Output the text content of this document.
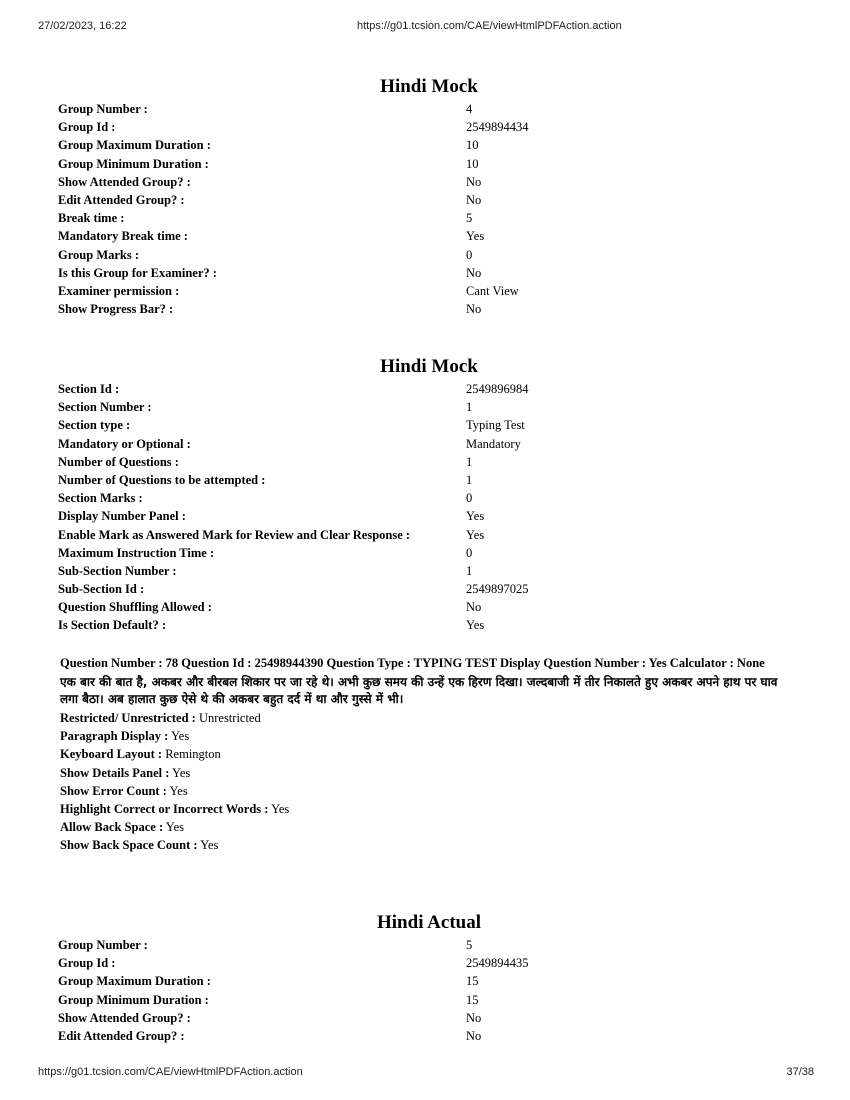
27/02/2023, 16:22	https://g01.tcsion.com/CAE/viewHtmlPDFAction.action
Hindi Mock
Group Number :	4
Group Id :	2549894434
Group Maximum Duration :	10
Group Minimum Duration :	10
Show Attended Group? :	No
Edit Attended Group? :	No
Break time :	5
Mandatory Break time :	Yes
Group Marks :	0
Is this Group for Examiner? :	No
Examiner permission :	Cant View
Show Progress Bar? :	No
Hindi Mock
Section Id :	2549896984
Section Number :	1
Section type :	Typing Test
Mandatory or Optional :	Mandatory
Number of Questions :	1
Number of Questions to be attempted :	1
Section Marks :	0
Display Number Panel :	Yes
Enable Mark as Answered Mark for Review and Clear Response :	Yes
Maximum Instruction Time :	0
Sub-Section Number :	1
Sub-Section Id :	2549897025
Question Shuffling Allowed :	No
Is Section Default? :	Yes
Question Number : 78 Question Id : 25498944390 Question Type : TYPING TEST Display Question Number : Yes Calculator : None
एक बार की बात है, अकबर और बीरबल शिकार पर जा रहे थे। अभी कुछ समय की उन्हें एक हिरण दिखा। जल्दबाजी में तीर निकालते हुए अकबर अपने हाथ पर घाव लगा बैठा। अब हालात कुछ ऐसे थे की अकबर बहुत दर्द में था और गुस्से में भी।
Restricted/ Unrestricted : Unrestricted
Paragraph Display : Yes
Keyboard Layout : Remington
Show Details Panel : Yes
Show Error Count : Yes
Highlight Correct or Incorrect Words : Yes
Allow Back Space : Yes
Show Back Space Count : Yes
Hindi Actual
Group Number :	5
Group Id :	2549894435
Group Maximum Duration :	15
Group Minimum Duration :	15
Show Attended Group? :	No
Edit Attended Group? :	No
https://g01.tcsion.com/CAE/viewHtmlPDFAction.action	37/38
